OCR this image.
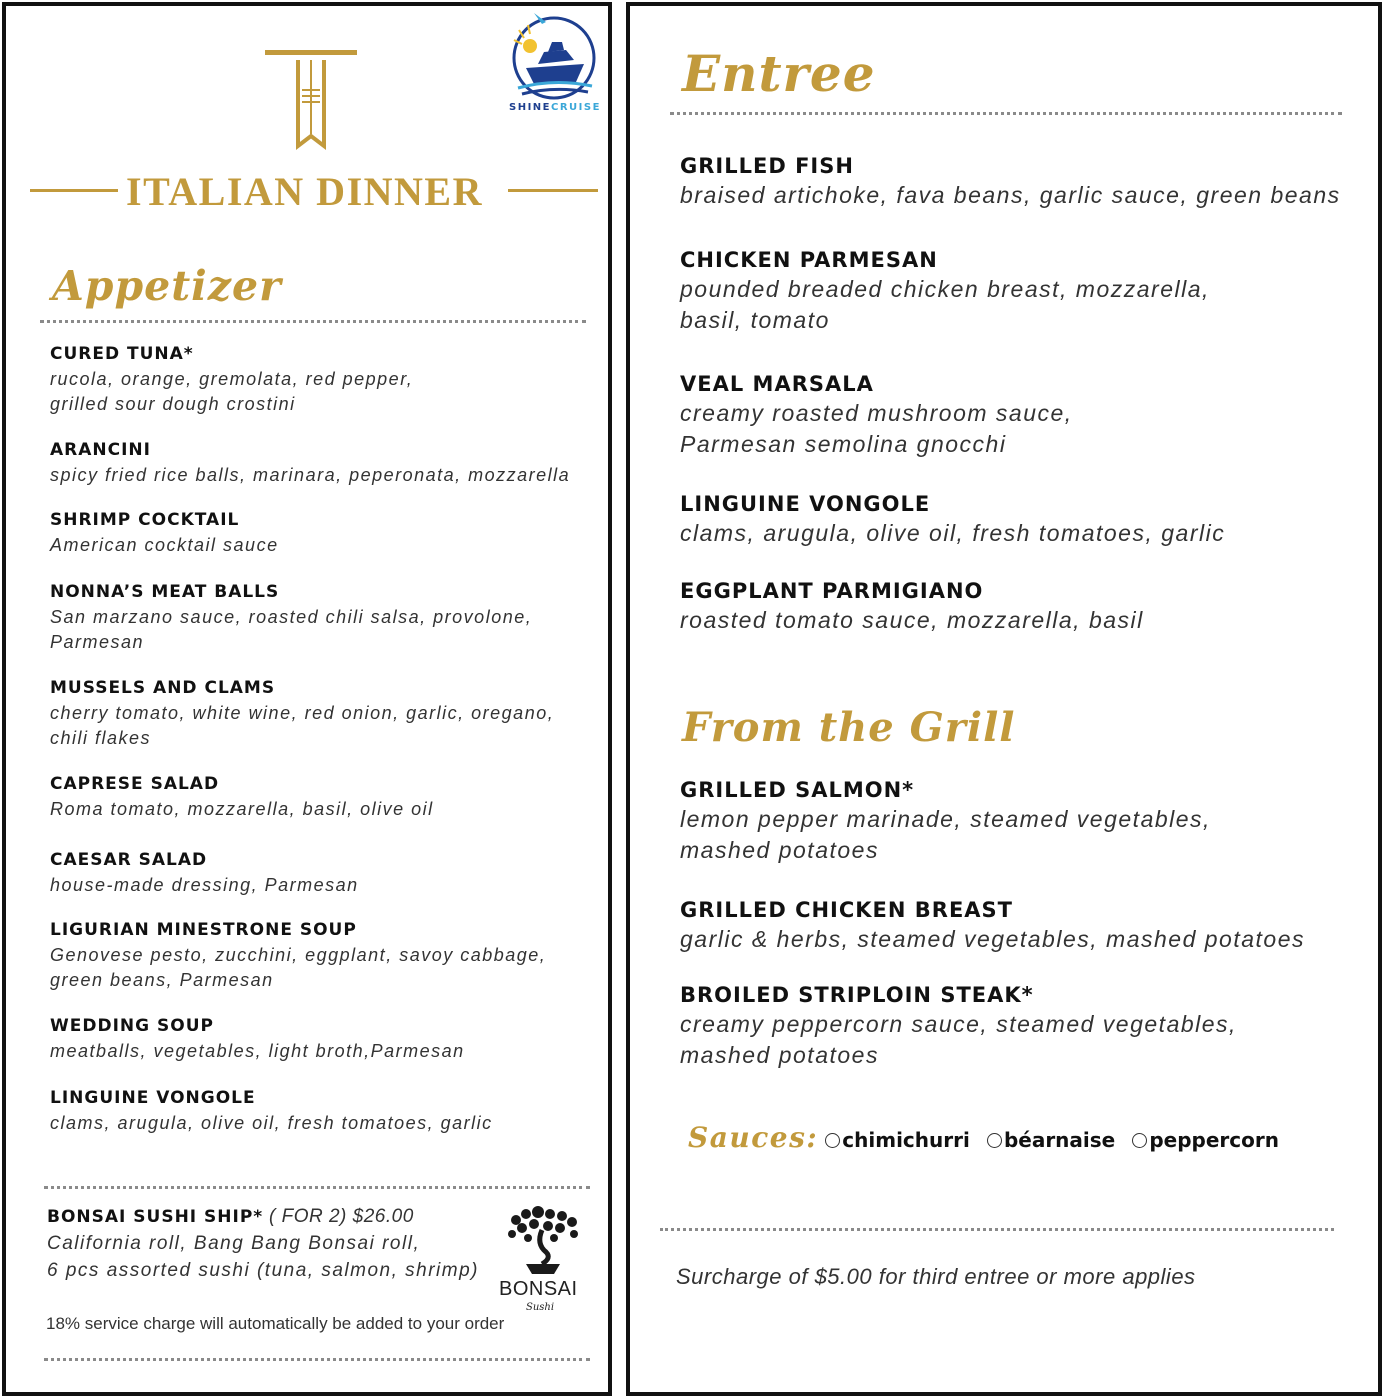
SHINECRUISE
ITALIAN DINNER
Appetizer
CURED TUNA*
rucola, orange, gremolata, red pepper,
grilled sour dough crostini
ARANCINI
spicy fried rice balls, marinara, peperonata, mozzarella
SHRIMP COCKTAIL
American cocktail sauce
NONNA’S MEAT BALLS
San marzano sauce, roasted chili salsa, provolone,
Parmesan
MUSSELS AND CLAMS
cherry tomato, white wine, red onion, garlic, oregano,
chili flakes
CAPRESE SALAD
Roma tomato, mozzarella, basil, olive oil
CAESAR SALAD
house-made dressing, Parmesan
LIGURIAN MINESTRONE SOUP
Genovese pesto, zucchini, eggplant, savoy cabbage,
green beans, Parmesan
WEDDING SOUP
meatballs, vegetables, light broth,Parmesan
LINGUINE VONGOLE
clams, arugula, olive oil, fresh tomatoes, garlic
BONSAI SUSHI SHIP* ( FOR 2) $26.00
California roll, Bang Bang Bonsai roll,
6 pcs assorted sushi (tuna, salmon, shrimp)
BONSAI
Sushi
18% service charge will automatically be added to your order
Entree
GRILLED FISH
braised artichoke, fava beans, garlic sauce, green beans
CHICKEN PARMESAN
pounded breaded chicken breast, mozzarella,
basil, tomato
VEAL MARSALA
creamy roasted mushroom sauce,
Parmesan semolina gnocchi
LINGUINE VONGOLE
clams, arugula, olive oil, fresh tomatoes, garlic
EGGPLANT PARMIGIANO
roasted tomato sauce, mozzarella, basil
From the Grill
GRILLED SALMON*
lemon pepper marinade, steamed vegetables,
mashed potatoes
GRILLED CHICKEN BREAST
garlic & herbs, steamed vegetables, mashed potatoes
BROILED STRIPLOIN STEAK*
creamy peppercorn sauce, steamed vegetables,
mashed potatoes
Sauces: chimichurri béarnaise peppercorn
Surcharge of $5.00 for third entree or more applies
